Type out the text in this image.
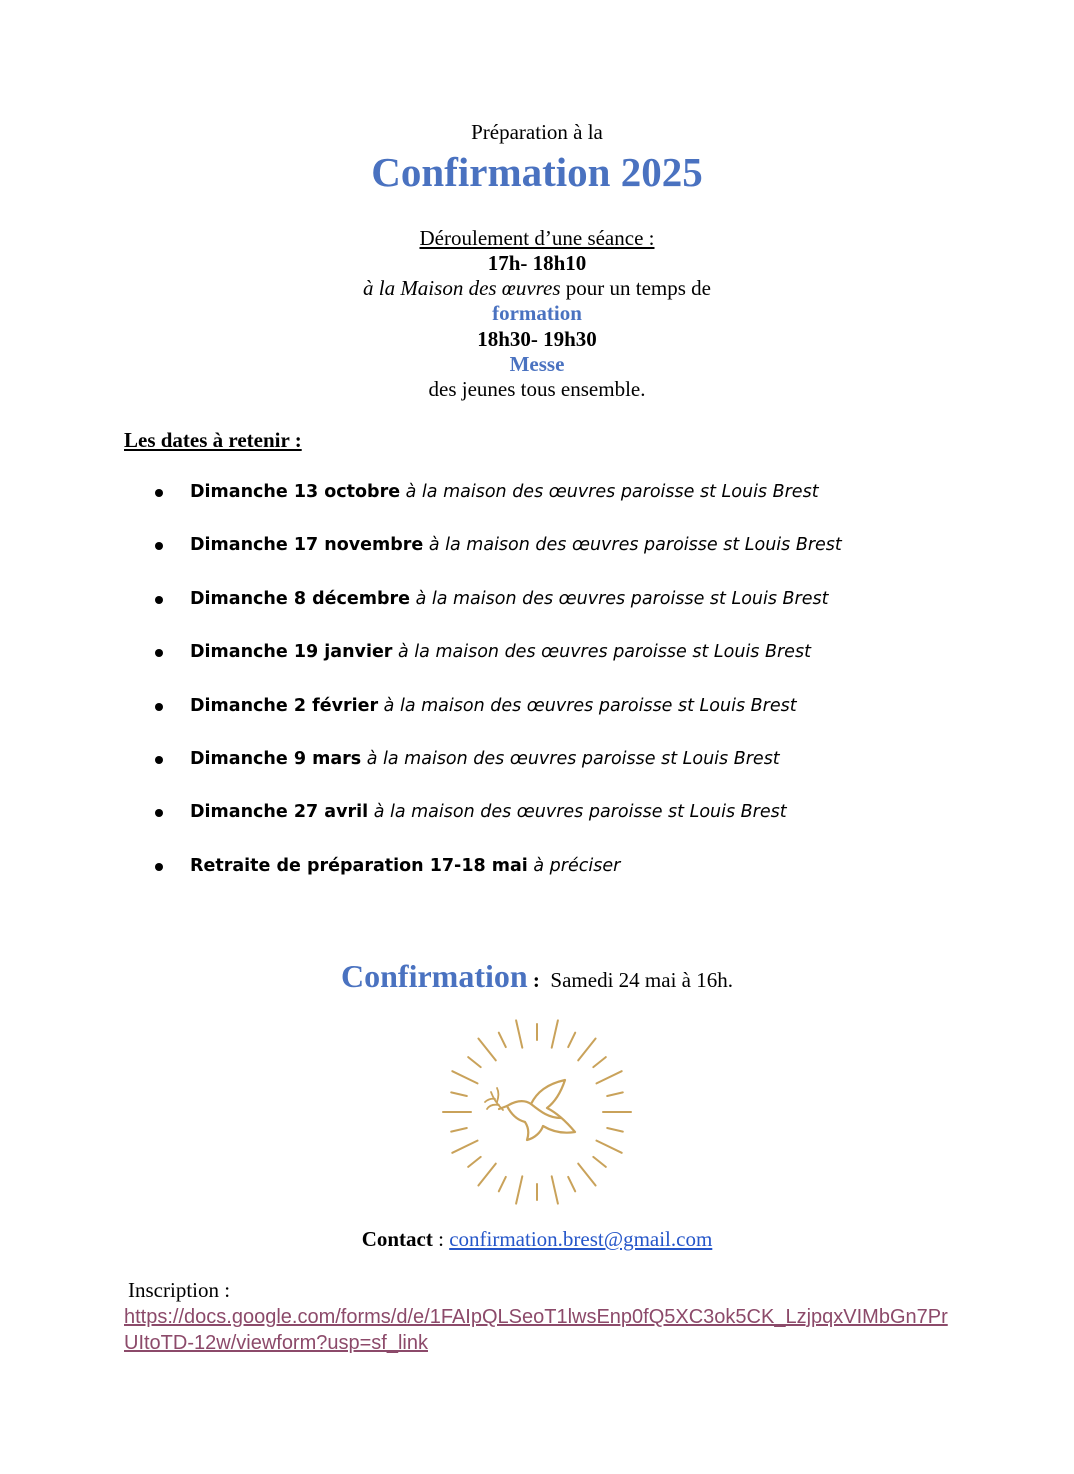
Préparation à la
Confirmation 2025
Déroulement d’une séance :
17h- 18h10
à la Maison des œuvres pour un temps de
formation
18h30- 19h30
Messe
des jeunes tous ensemble.
Les dates à retenir :
Dimanche 13 octobre à la maison des œuvres paroisse st Louis Brest
Dimanche 17 novembre à la maison des œuvres paroisse st Louis Brest
Dimanche 8 décembre à la maison des œuvres paroisse st Louis Brest
Dimanche 19 janvier à la maison des œuvres paroisse st Louis Brest
Dimanche 2 février à la maison des œuvres paroisse st Louis Brest
Dimanche 9 mars à la maison des œuvres paroisse st Louis Brest
Dimanche 27 avril à la maison des œuvres paroisse st Louis Brest
Retraite de préparation 17-18 mai à préciser
Confirmation :  Samedi 24 mai à 16h.
Contact : confirmation.brest@gmail.com
Inscription :
https://docs.google.com/forms/d/e/1FAIpQLSeoT1lwsEnp0fQ5XC3ok5CK_LzjpqxVIMbGn7PrUItoTD-12w/viewform?usp=sf_link
